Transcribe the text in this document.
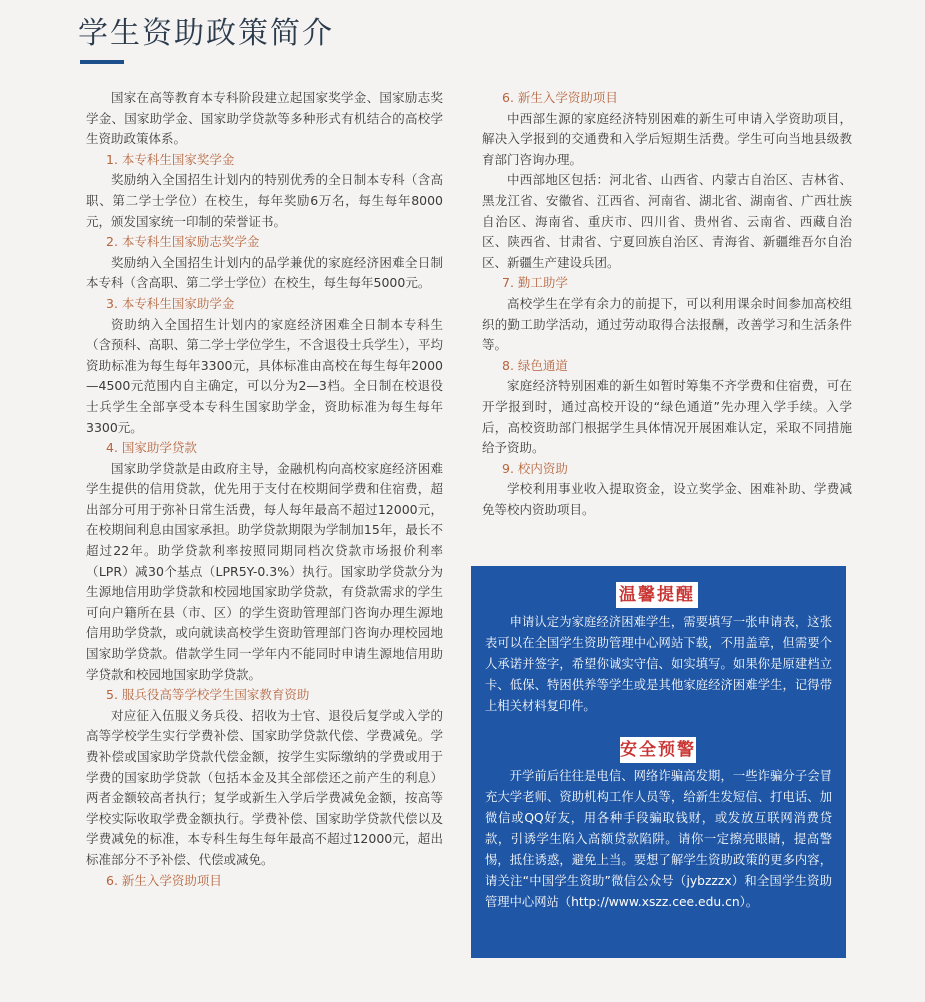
学生资助政策简介

国家在高等教育本专科阶段建立起国家奖学金、国家励志奖学金、国家助学金、国家助学贷款等多种形式有机结合的高校学生资助政策体系。

1. 本专科生国家奖学金

奖励纳入全国招生计划内的特别优秀的全日制本专科（含高职、第二学士学位）在校生，每年奖励6万名，每生每年8000元，颁发国家统一印制的荣誉证书。

2. 本专科生国家励志奖学金

奖励纳入全国招生计划内的品学兼优的家庭经济困难全日制本专科（含高职、第二学士学位）在校生，每生每年5000元。

3. 本专科生国家助学金

资助纳入全国招生计划内的家庭经济困难全日制本专科生（含预科、高职、第二学士学位学生，不含退役士兵学生），平均资助标准为每生每年3300元，具体标准由高校在每生每年2000—4500元范围内自主确定，可以分为2—3档。全日制在校退役士兵学生全部享受本专科生国家助学金，资助标准为每生每年3300元。

4. 国家助学贷款

国家助学贷款是由政府主导，金融机构向高校家庭经济困难学生提供的信用贷款，优先用于支付在校期间学费和住宿费，超出部分可用于弥补日常生活费，每人每年最高不超过12000元，在校期间利息由国家承担。助学贷款期限为学制加15年，最长不超过22年。助学贷款利率按照同期同档次贷款市场报价利率（LPR）减30个基点（LPR5Y-0.3%）执行。国家助学贷款分为生源地信用助学贷款和校园地国家助学贷款，有贷款需求的学生可向户籍所在县（市、区）的学生资助管理部门咨询办理生源地信用助学贷款，或向就读高校学生资助管理部门咨询办理校园地国家助学贷款。借款学生同一学年内不能同时申请生源地信用助学贷款和校园地国家助学贷款。

5. 服兵役高等学校学生国家教育资助

对应征入伍服义务兵役、招收为士官、退役后复学或入学的高等学校学生实行学费补偿、国家助学贷款代偿、学费减免。学费补偿或国家助学贷款代偿金额，按学生实际缴纳的学费或用于学费的国家助学贷款（包括本金及其全部偿还之前产生的利息）两者金额较高者执行；复学或新生入学后学费减免金额，按高等学校实际收取学费金额执行。学费补偿、国家助学贷款代偿以及学费减免的标准，本专科生每生每年最高不超过12000元，超出标准部分不予补偿、代偿或减免。

6. 新生入学资助项目

6. 新生入学资助项目

中西部生源的家庭经济特别困难的新生可申请入学资助项目，解决入学报到的交通费和入学后短期生活费。学生可向当地县级教育部门咨询办理。

中西部地区包括：河北省、山西省、内蒙古自治区、吉林省、黑龙江省、安徽省、江西省、河南省、湖北省、湖南省、广西壮族自治区、海南省、重庆市、四川省、贵州省、云南省、西藏自治区、陕西省、甘肃省、宁夏回族自治区、青海省、新疆维吾尔自治区、新疆生产建设兵团。

7. 勤工助学

高校学生在学有余力的前提下，可以利用课余时间参加高校组织的勤工助学活动，通过劳动取得合法报酬，改善学习和生活条件等。

8. 绿色通道

家庭经济特别困难的新生如暂时筹集不齐学费和住宿费，可在开学报到时，通过高校开设的“绿色通道”先办理入学手续。入学后，高校资助部门根据学生具体情况开展困难认定，采取不同措施给予资助。

9. 校内资助

学校利用事业收入提取资金，设立奖学金、困难补助、学费减免等校内资助项目。

温馨提醒

申请认定为家庭经济困难学生，需要填写一张申请表，这张表可以在全国学生资助管理中心网站下载，不用盖章，但需要个人承诺并签字，希望你诚实守信、如实填写。如果你是原建档立卡、低保、特困供养等学生或是其他家庭经济困难学生，记得带上相关材料复印件。

安全预警

开学前后往往是电信、网络诈骗高发期，一些诈骗分子会冒充大学老师、资助机构工作人员等，给新生发短信、打电话、加微信或QQ好友，用各种手段骗取钱财，或发放互联网消费贷款，引诱学生陷入高额贷款陷阱。请你一定擦亮眼睛，提高警惕，抵住诱惑，避免上当。要想了解学生资助政策的更多内容，请关注“中国学生资助”微信公众号（jybzzzx）和全国学生资助管理中心网站（http://www.xszz.cee.edu.cn）。
